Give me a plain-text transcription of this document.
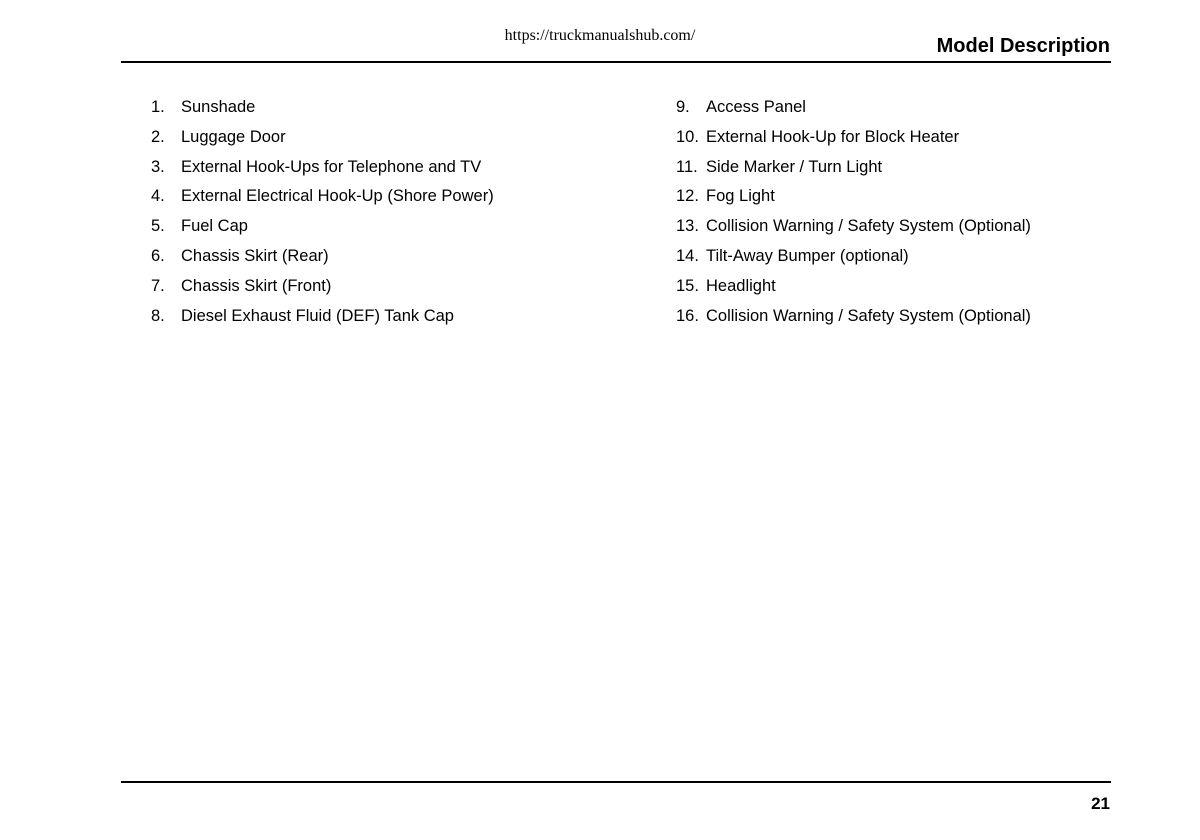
https://truckmanualshub.com/	Model Description
1. Sunshade
2. Luggage Door
3. External Hook-Ups for Telephone and TV
4. External Electrical Hook-Up (Shore Power)
5. Fuel Cap
6. Chassis Skirt (Rear)
7. Chassis Skirt (Front)
8. Diesel Exhaust Fluid (DEF) Tank Cap
9. Access Panel
10. External Hook-Up for Block Heater
11. Side Marker / Turn Light
12. Fog Light
13. Collision Warning / Safety System (Optional)
14. Tilt-Away Bumper (optional)
15. Headlight
16. Collision Warning / Safety System (Optional)
21
